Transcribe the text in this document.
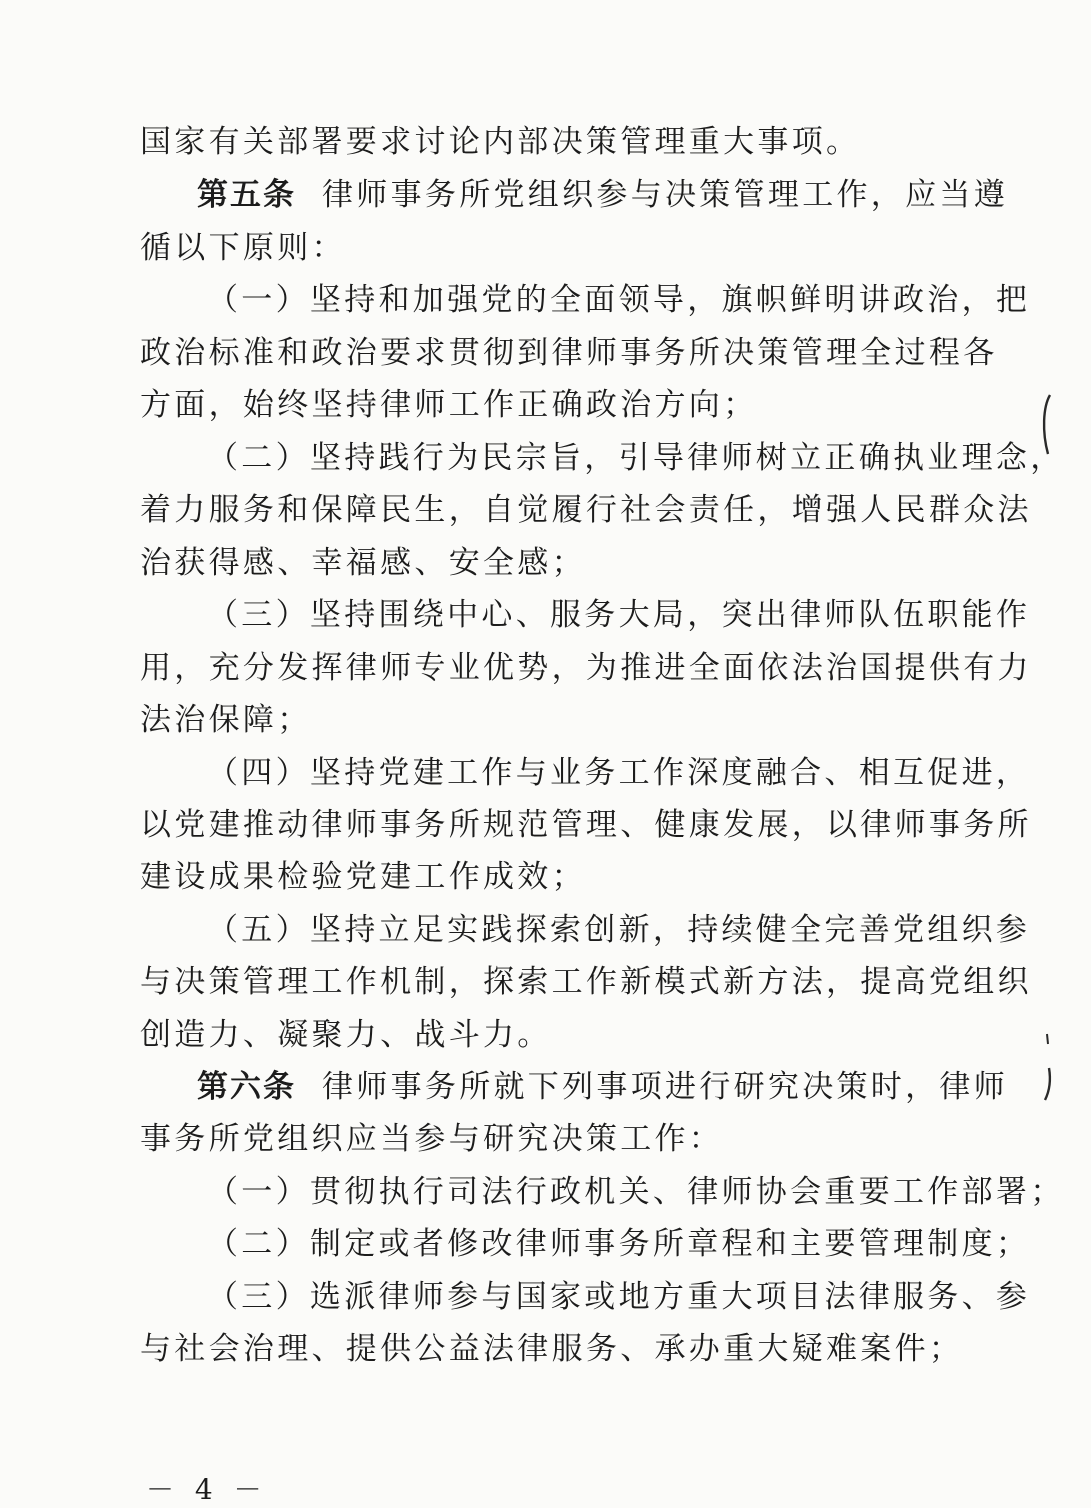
国家有关部署要求讨论内部决策管理重大事项。
第五条 律师事务所党组织参与决策管理工作，应当遵
循以下原则：
（一）坚持和加强党的全面领导，旗帜鲜明讲政治，把
政治标准和政治要求贯彻到律师事务所决策管理全过程各
方面，始终坚持律师工作正确政治方向；
（二）坚持践行为民宗旨，引导律师树立正确执业理念，
着力服务和保障民生，自觉履行社会责任，增强人民群众法
治获得感、幸福感、安全感；
（三）坚持围绕中心、服务大局，突出律师队伍职能作
用，充分发挥律师专业优势，为推进全面依法治国提供有力
法治保障；
（四）坚持党建工作与业务工作深度融合、相互促进，
以党建推动律师事务所规范管理、健康发展，以律师事务所
建设成果检验党建工作成效；
（五）坚持立足实践探索创新，持续健全完善党组织参
与决策管理工作机制，探索工作新模式新方法，提高党组织
创造力、凝聚力、战斗力。
第六条 律师事务所就下列事项进行研究决策时，律师
事务所党组织应当参与研究决策工作：
（一）贯彻执行司法行政机关、律师协会重要工作部署；
（二）制定或者修改律师事务所章程和主要管理制度；
（三）选派律师参与国家或地方重大项目法律服务、参
与社会治理、提供公益法律服务、承办重大疑难案件；
－ 4 －
